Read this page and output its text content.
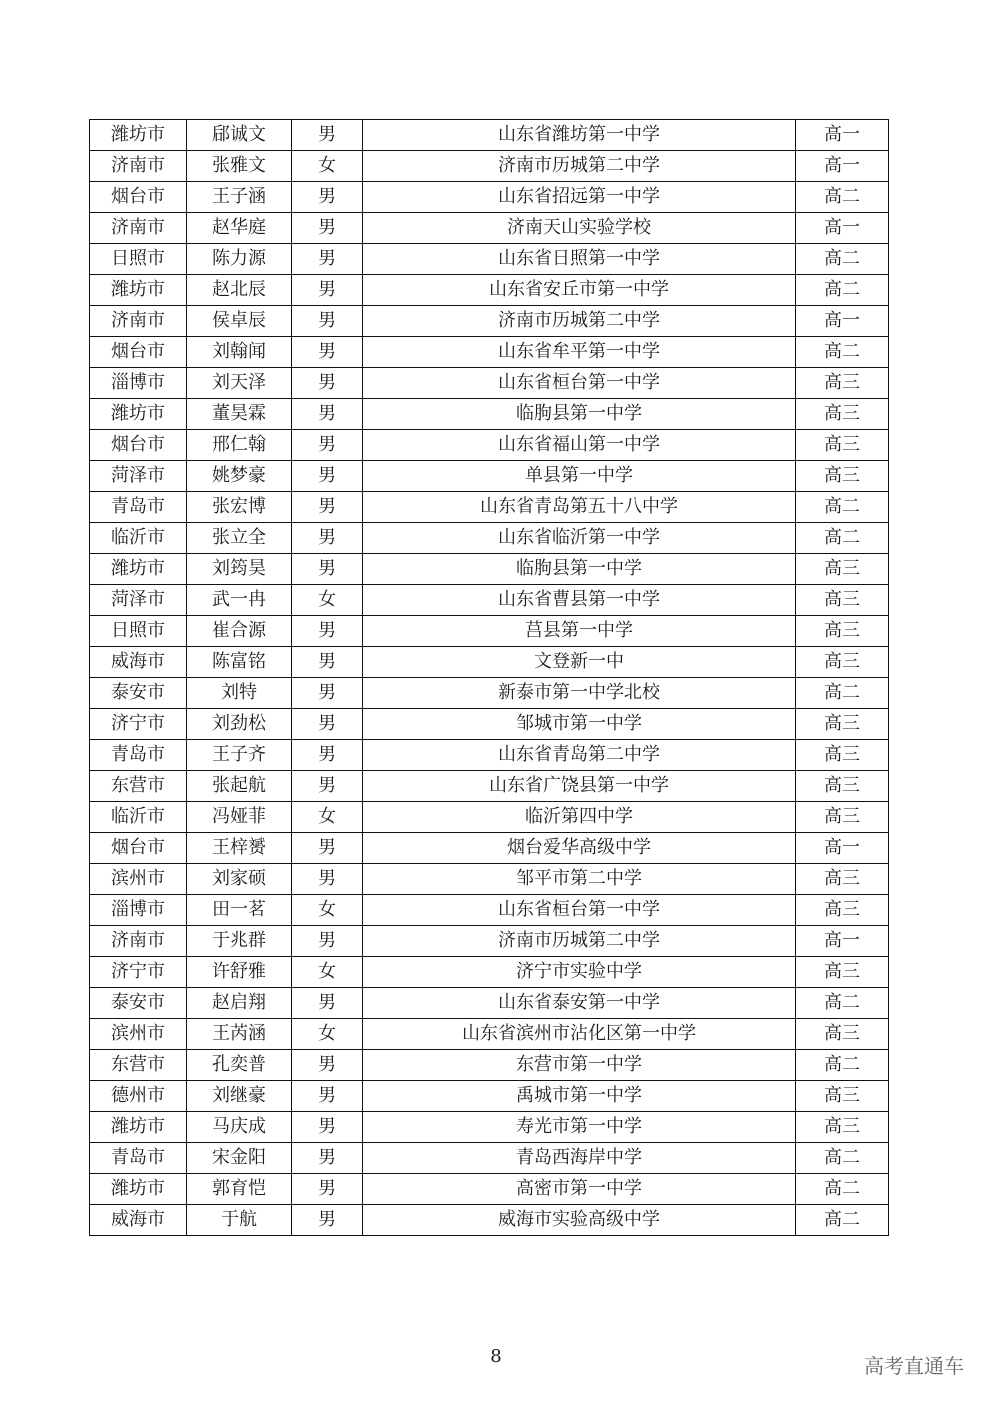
潍坊市	郈诚文	男	山东省潍坊第一中学	高一
济南市	张雅文	女	济南市历城第二中学	高一
烟台市	王子涵	男	山东省招远第一中学	高二
济南市	赵华庭	男	济南天山实验学校	高一
日照市	陈力源	男	山东省日照第一中学	高二
潍坊市	赵北辰	男	山东省安丘市第一中学	高二
济南市	侯卓辰	男	济南市历城第二中学	高一
烟台市	刘翰闻	男	山东省牟平第一中学	高二
淄博市	刘天泽	男	山东省桓台第一中学	高三
潍坊市	董昊霖	男	临朐县第一中学	高三
烟台市	邢仁翰	男	山东省福山第一中学	高三
菏泽市	姚梦豪	男	单县第一中学	高三
青岛市	张宏博	男	山东省青岛第五十八中学	高二
临沂市	张立全	男	山东省临沂第一中学	高二
潍坊市	刘筠昊	男	临朐县第一中学	高三
菏泽市	武一冉	女	山东省曹县第一中学	高三
日照市	崔合源	男	莒县第一中学	高三
威海市	陈富铭	男	文登新一中	高三
泰安市	刘特	男	新泰市第一中学北校	高二
济宁市	刘劲松	男	邹城市第一中学	高三
青岛市	王子齐	男	山东省青岛第二中学	高三
东营市	张起航	男	山东省广饶县第一中学	高三
临沂市	冯娅菲	女	临沂第四中学	高三
烟台市	王梓赟	男	烟台爱华高级中学	高一
滨州市	刘家硕	男	邹平市第二中学	高三
淄博市	田一茗	女	山东省桓台第一中学	高三
济南市	于兆群	男	济南市历城第二中学	高一
济宁市	许舒雅	女	济宁市实验中学	高三
泰安市	赵启翔	男	山东省泰安第一中学	高二
滨州市	王芮涵	女	山东省滨州市沾化区第一中学	高三
东营市	孔奕普	男	东营市第一中学	高二
德州市	刘继豪	男	禹城市第一中学	高三
潍坊市	马庆成	男	寿光市第一中学	高三
青岛市	宋金阳	男	青岛西海岸中学	高二
潍坊市	郭育恺	男	高密市第一中学	高二
威海市	于航	男	威海市实验高级中学	高二
8	高考直通车
